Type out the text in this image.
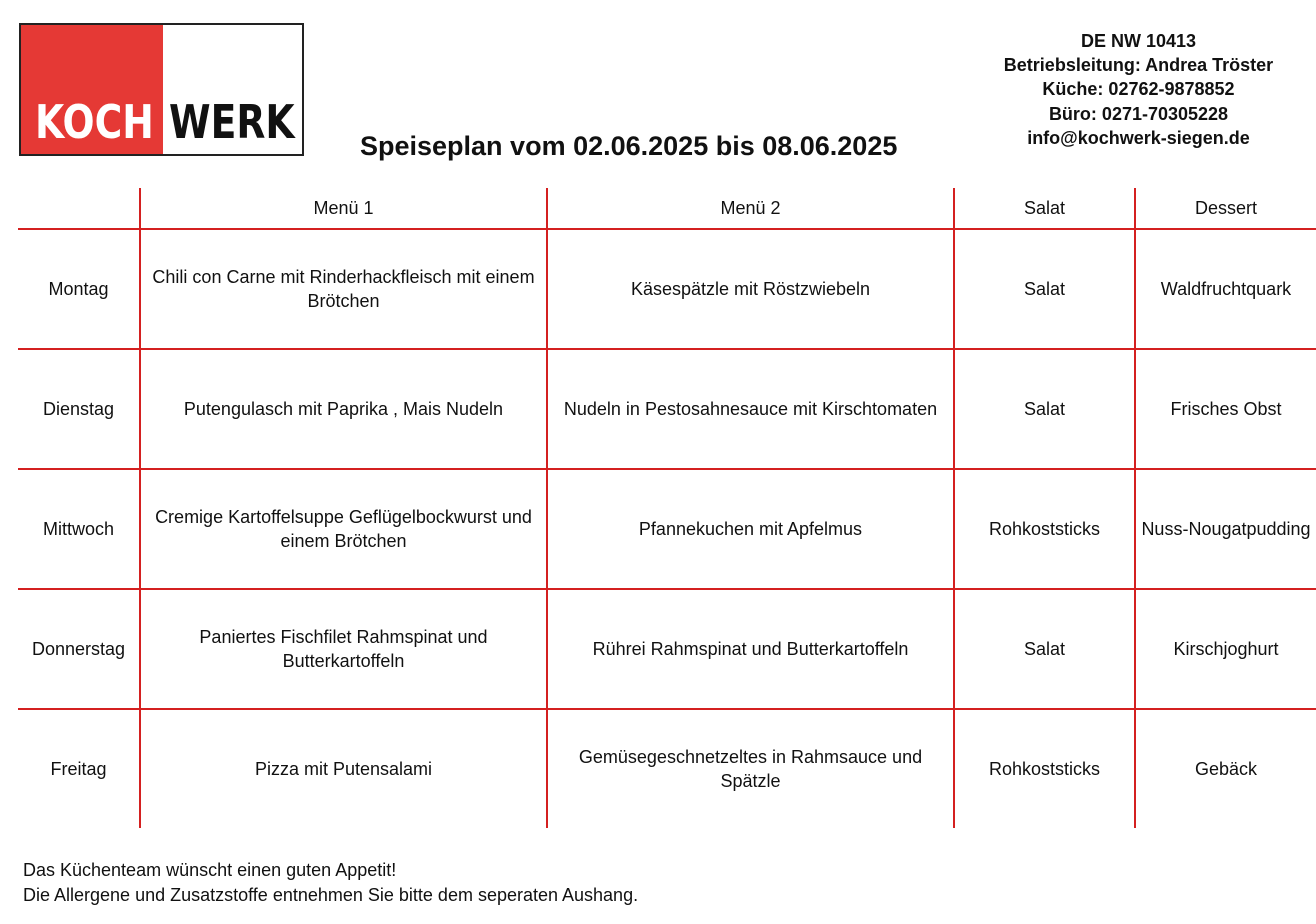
KOCH WERK Speiseplan vom 02.06.2025 bis 08.06.2025
DE NW 10413
Betriebsleitung: Andrea Tröster
Küche: 02762-9878852
Büro: 0271-70305228
info@kochwerk-siegen.de
	Menü 1	Menü 2	Salat	Dessert
Montag	Chili con Carne mit Rinderhackfleisch mit einem Brötchen	Käsespätzle mit Röstzwiebeln	Salat	Waldfruchtquark
Dienstag	Putengulasch mit Paprika , Mais Nudeln	Nudeln in Pestosahnesauce mit Kirschtomaten	Salat	Frisches Obst
Mittwoch	Cremige Kartoffelsuppe Geflügelbockwurst und einem Brötchen	Pfannekuchen mit Apfelmus	Rohkoststicks	Nuss-Nougatpudding
Donnerstag	Paniertes Fischfilet Rahmspinat und Butterkartoffeln	Rührei Rahmspinat und Butterkartoffeln	Salat	Kirschjoghurt
Freitag	Pizza mit Putensalami	Gemüsegeschnetzeltes in Rahmsauce und Spätzle	Rohkoststicks	Gebäck
Das Küchenteam wünscht einen guten Appetit!
Die Allergene und Zusatzstoffe entnehmen Sie bitte dem seperaten Aushang.
